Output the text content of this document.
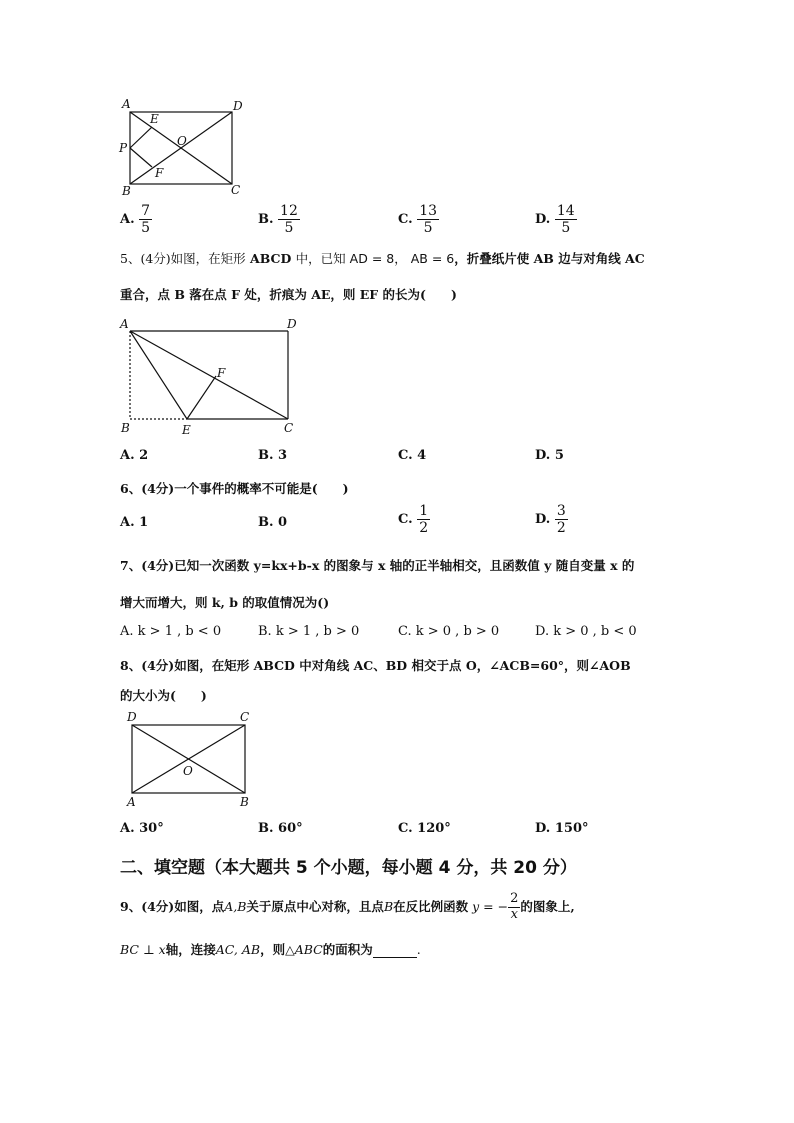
A	D
E
O
P
F
B	C
A. $\frac{7}{5}$	B. $\frac{12}{5}$	C. $\frac{13}{5}$	D. $\frac{14}{5}$
5、(4分)如图，在矩形 ABCD 中，已知 AD = 8， AB = 6，折叠纸片使 AB 边与对角线 AC
重合，点 B 落在点 F 处，折痕为 AE，则 EF 的长为(　　)
A	D
F
B	E	C
A. 2	B. 3	C. 4	D. 5
6、(4分)一个事件的概率不可能是(　　)
A. 1	B. 0	C. $\frac{1}{2}$	D. $\frac{3}{2}$
7、(4分)已知一次函数 y=kx+b-x 的图象与 x 轴的正半轴相交，且函数值 y 随自变量 x 的
增大而增大，则 k, b 的取值情况为()
A. k > 1 , b < 0	B. k > 1 , b > 0	C. k > 0 , b > 0	D. k > 0 , b < 0
8、(4分)如图，在矩形 ABCD 中对角线 AC、BD 相交于点 O，∠ACB=60°，则∠AOB
的大小为(　　)
D	C
O
A	B
A. 30°	B. 60°	C. 120°	D. 150°
二、填空题（本大题共 5 个小题，每小题 4 分，共 20 分）
9、(4分)如图，点A,B关于原点中心对称，且点B在反比例函数 y = − $\frac{2}{x}$ 的图象上,
BC ⊥ x轴，连接AC, AB，则△ABC的面积为	.
